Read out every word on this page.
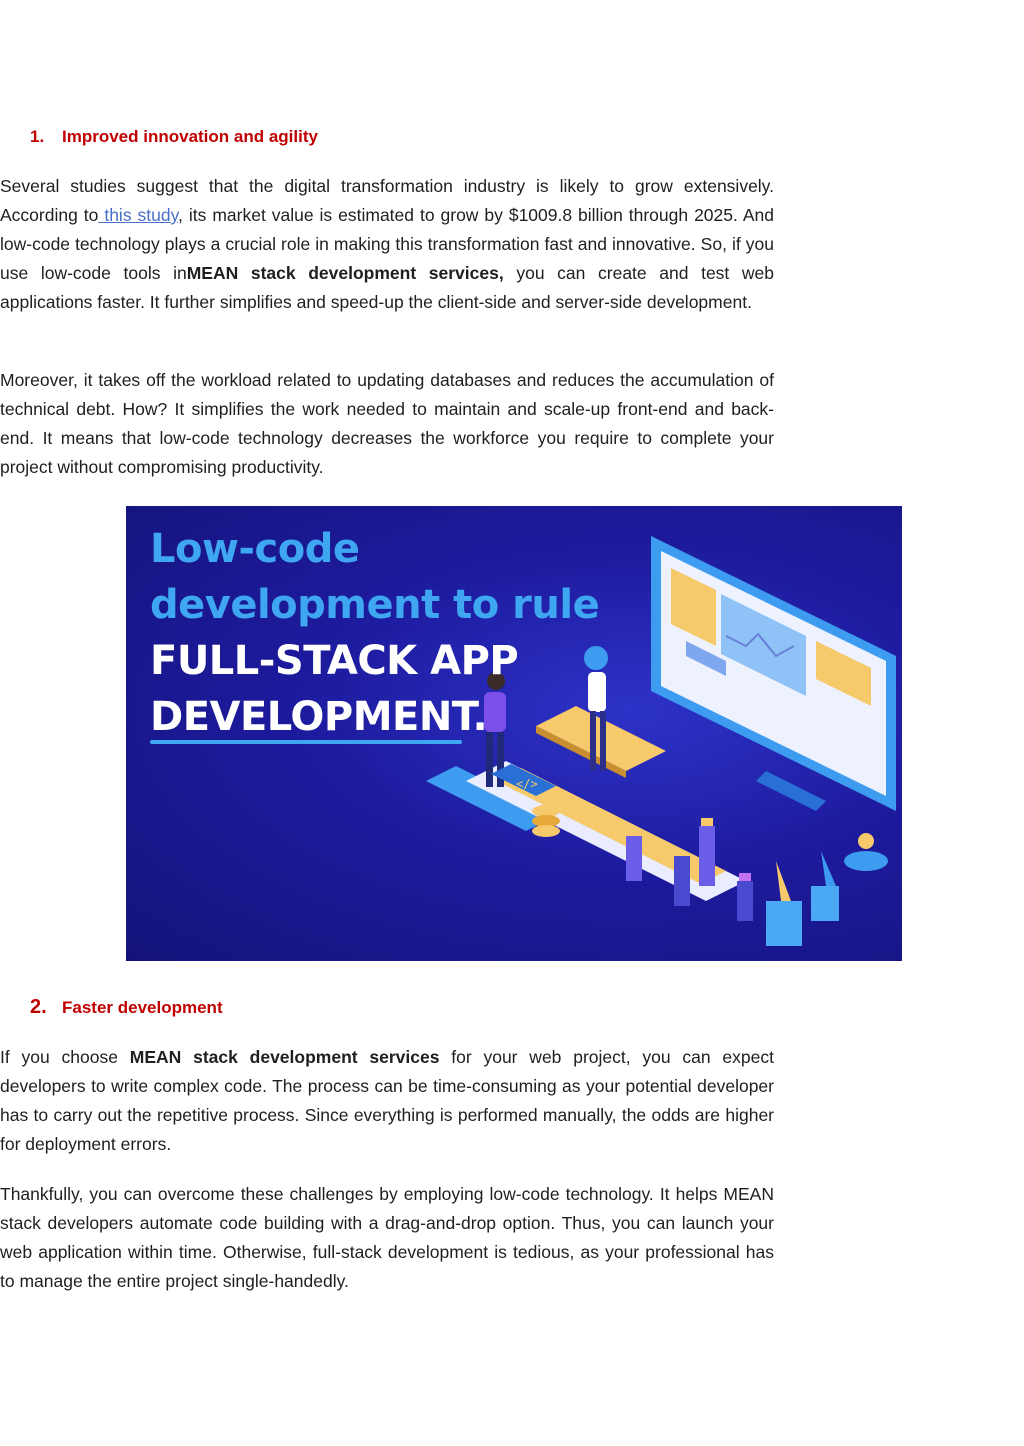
1. Improved innovation and agility

Several studies suggest that the digital transformation industry is likely to grow extensively. According to this study, its market value is estimated to grow by $1009.8 billion through 2025. And low-code technology plays a crucial role in making this transformation fast and innovative. So, if you use low-code tools inMEAN stack development services, you can create and test web applications faster. It further simplifies and speed-up the client-side and server-side development.

Moreover, it takes off the workload related to updating databases and reduces the accumulation of technical debt. How? It simplifies the work needed to maintain and scale-up front-end and back-end. It means that low-code technology decreases the workforce you require to complete your project without compromising productivity.

</>
Low-code
development to rule
FULL-STACK APP
DEVELOPMENT.
2. Faster development

If you choose MEAN stack development services for your web project, you can expect developers to write complex code. The process can be time-consuming as your potential developer has to carry out the repetitive process. Since everything is performed manually, the odds are higher for deployment errors.

Thankfully, you can overcome these challenges by employing low-code technology. It helps MEAN stack developers automate code building with a drag-and-drop option. Thus, you can launch your web application within time. Otherwise, full-stack development is tedious, as your professional has to manage the entire project single-handedly.
